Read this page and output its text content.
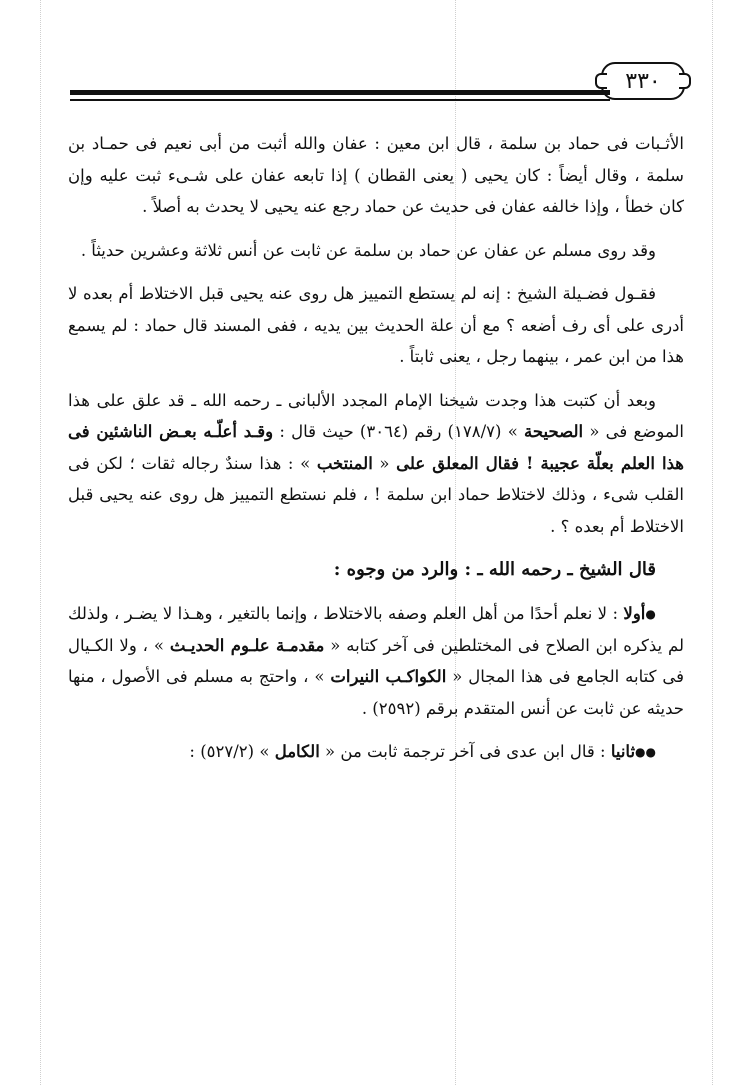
٣٣٠

الأثـبات فى حماد بن سلمة ، قال ابن معين : عفان والله أثبت من أبى نعيم فى حمـاد بن سلمة ، وقال أيضاً : كان يحيى ( يعنى القطان ) إذا تابعه عفان على شـىء ثبت عليه وإن كان خطأ ، وإذا خالفه عفان فى حديث عن حماد رجع عنه يحيى لا يحدث به أصلاً .

وقد روى مسلم عن عفان عن حماد بن سلمة عن ثابت عن أنس ثلاثة وعشرين حديثاً .

فقـول فضـيلة الشيخ : إنه لم يستطع التمييز هل روى عنه يحيى قبل الاختلاط أم بعده لا أدرى على أى رف أضعه ؟ مع أن علة الحديث بين يديه ، ففى المسند قال حماد : لم يسمع هذا من ابن عمر ، بينهما رجل ، يعنى ثابتاً .

وبعد أن كتبت هذا وجدت شيخنا الإمام المجدد الألبانى ـ رحمه الله ـ قد علق على هذا الموضع فى « الصحيحة » (١٧٨/٧) رقم (٣٠٦٤) حيث قال : وقـد أعلّـه بعـض الناشئين فى هذا العلم بعلّة عجيبة ! فقال المعلق على « المنتخب » : هذا سندٌ رجاله ثقات ؛ لكن فى القلب شىء ، وذلك لاختلاط حماد ابن سلمة ! ، فلم نستطع التمييز هل روى عنه يحيى قبل الاختلاط أم بعده ؟ .

قال الشيخ ـ رحمه الله ـ : والرد من وجوه :

●أولا : لا نعلم أحدًا من أهل العلم وصفه بالاختلاط ، وإنما بالتغير ، وهـذا لا يضـر ، ولذلك لم يذكره ابن الصلاح فى المختلطين فى آخر كتابه « مقدمـة علـوم الحديـث » ، ولا الكـيال فى كتابه الجامع فى هذا المجال « الكواكـب النيرات » ، واحتج به مسلم فى الأصول ، منها حديثه عن ثابت عن أنس المتقدم برقم (٢٥٩٢) .

●●ثانيا : قال ابن عدى فى آخر ترجمة ثابت من « الكامل » (٥٢٧/٢) :
